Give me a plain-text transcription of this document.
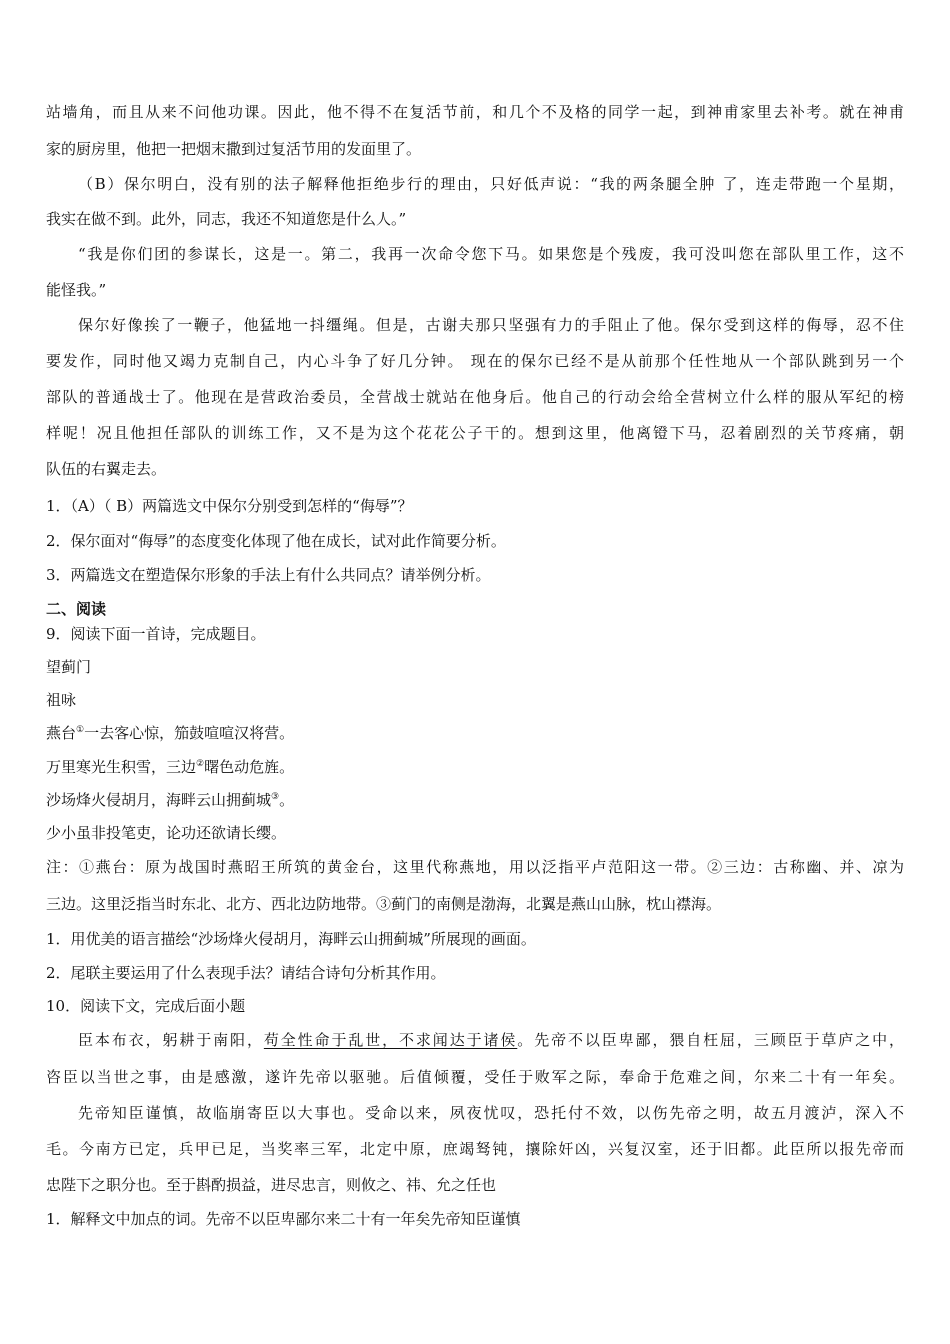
站墙角，而且从来不问他功课。因此，他不得不在复活节前，和几个不及格的同学一起，到神甫家里去补考。就在神甫
家的厨房里，他把一把烟末撒到过复活节用的发面里了。
（B）保尔明白，没有别的法子解释他拒绝步行的理由，只好低声说：“我的两条腿全肿 了，连走带跑一个星期，
我实在做不到。此外，同志，我还不知道您是什么人。”
“我是你们团的参谋长，这是一。第二，我再一次命令您下马。如果您是个残废，我可没叫您在部队里工作，这不
能怪我。”
保尔好像挨了一鞭子，他猛地一抖缰绳。但是，古谢夫那只坚强有力的手阻止了他。保尔受到这样的侮辱，忍不住
要发作，同时他又竭力克制自己，内心斗争了好几分钟。 现在的保尔已经不是从前那个任性地从一个部队跳到另一个
部队的普通战士了。他现在是营政治委员，全营战士就站在他身后。他自己的行动会给全营树立什么样的服从军纪的榜
样呢！况且他担任部队的训练工作，又不是为这个花花公子干的。想到这里，他离镫下马，忍着剧烈的关节疼痛，朝
队伍的右翼走去。
1．（A）（ B）两篇选文中保尔分别受到怎样的“侮辱”？
2．保尔面对“侮辱”的态度变化体现了他在成长，试对此作简要分析。
3．两篇选文在塑造保尔形象的手法上有什么共同点？请举例分析。
二、阅读
9．阅读下面一首诗，完成题目。
望蓟门
祖咏
燕台①一去客心惊，笳鼓喧喧汉将营。
万里寒光生积雪，三边②曙色动危旌。
沙场烽火侵胡月，海畔云山拥蓟城③。
少小虽非投笔吏，论功还欲请长缨。
注：①燕台：原为战国时燕昭王所筑的黄金台，这里代称燕地，用以泛指平卢范阳这一带。②三边：古称幽、并、凉为
三边。这里泛指当时东北、北方、西北边防地带。③蓟门的南侧是渤海，北翼是燕山山脉，枕山襟海。
1．用优美的语言描绘“沙场烽火侵胡月，海畔云山拥蓟城”所展现的画面。
2．尾联主要运用了什么表现手法？请结合诗句分析其作用。
10．阅读下文，完成后面小题
臣本布衣，躬耕于南阳，苟全性命于乱世，不求闻达于诸侯。先帝不以臣卑鄙，猥自枉屈，三顾臣于草庐之中，
咨臣以当世之事，由是感激，遂许先帝以驱驰。后值倾覆，受任于败军之际，奉命于危难之间，尔来二十有一年矣。
先帝知臣谨慎，故临崩寄臣以大事也。受命以来，夙夜忧叹，恐托付不效，以伤先帝之明，故五月渡泸，深入不
毛。今南方已定，兵甲已足，当奖率三军，北定中原，庶竭驽钝，攘除奸凶，兴复汉室，还于旧都。此臣所以报先帝而
忠陛下之职分也。至于斟酌损益，进尽忠言，则攸之、祎、允之任也
1．解释文中加点的词。先帝不以臣卑鄙尔来二十有一年矣先帝知臣谨慎
